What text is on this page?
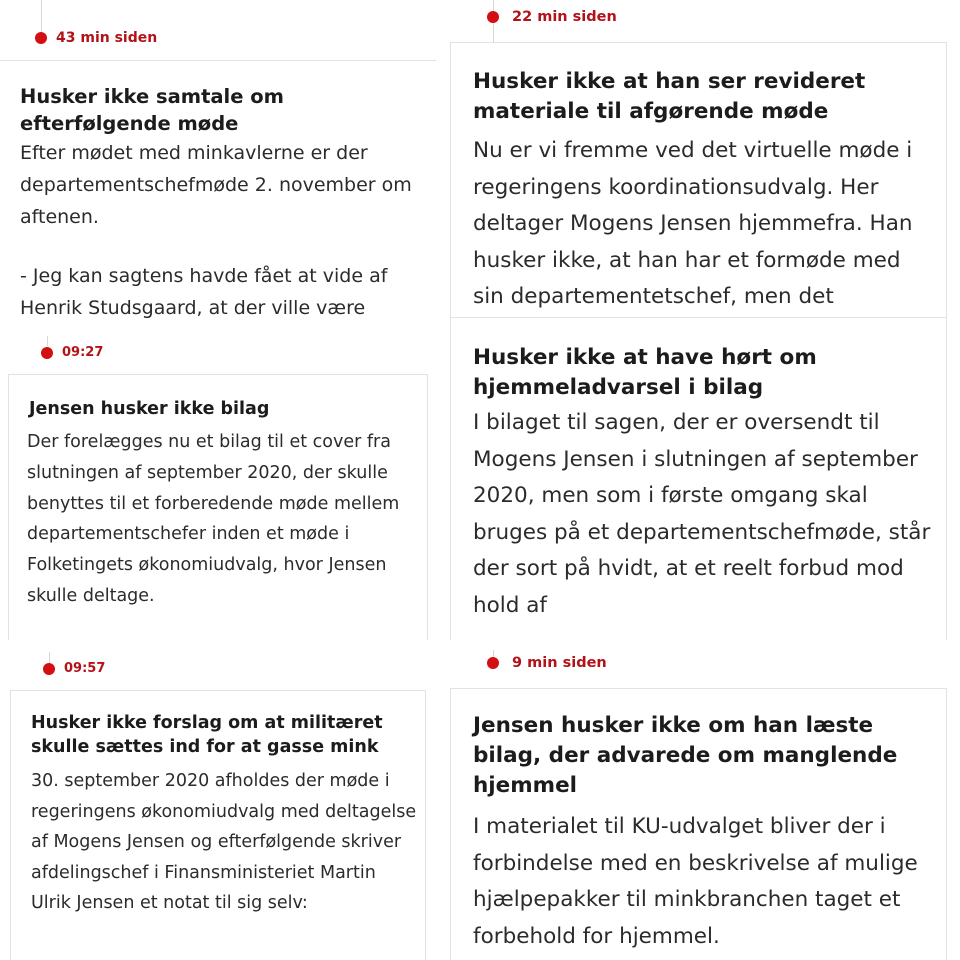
43 min siden
Husker ikke samtale om efterfølgende møde

Efter mødet med minkavlerne er der departementschefmøde 2. november om aftenen.

- Jeg kan sagtens havde fået at vide af Henrik Studsgaard, at der ville være

22 min siden
Husker ikke at han ser revideret materiale til afgørende møde

Nu er vi fremme ved det virtuelle møde i regeringens koordinationsudvalg. Her deltager Mogens Jensen hjemmefra. Han husker ikke, at han har et formøde med sin departementetschef, men det

Husker ikke at have hørt om hjemmeladvarsel i bilag

I bilaget til sagen, der er oversendt til Mogens Jensen i slutningen af september 2020, men som i første omgang skal bruges på et departementschefmøde, står der sort på hvidt, at et reelt forbud mod hold af

09:27
Jensen husker ikke bilag

Der forelægges nu et bilag til et cover fra slutningen af september 2020, der skulle benyttes til et forberedende møde mellem departementschefer inden et møde i Folketingets økonomiudvalg, hvor Jensen skulle deltage.

09:57
Husker ikke forslag om at militæret skulle sættes ind for at gasse mink

30. september 2020 afholdes der møde i regeringens økonomiudvalg med deltagelse af Mogens Jensen og efterfølgende skriver afdelingschef i Finansministeriet Martin Ulrik Jensen et notat til sig selv:

9 min siden
Jensen husker ikke om han læste bilag, der advarede om manglende hjemmel

I materialet til KU-udvalget bliver der i forbindelse med en beskrivelse af mulige hjælpepakker til minkbranchen taget et forbehold for hjemmel.
